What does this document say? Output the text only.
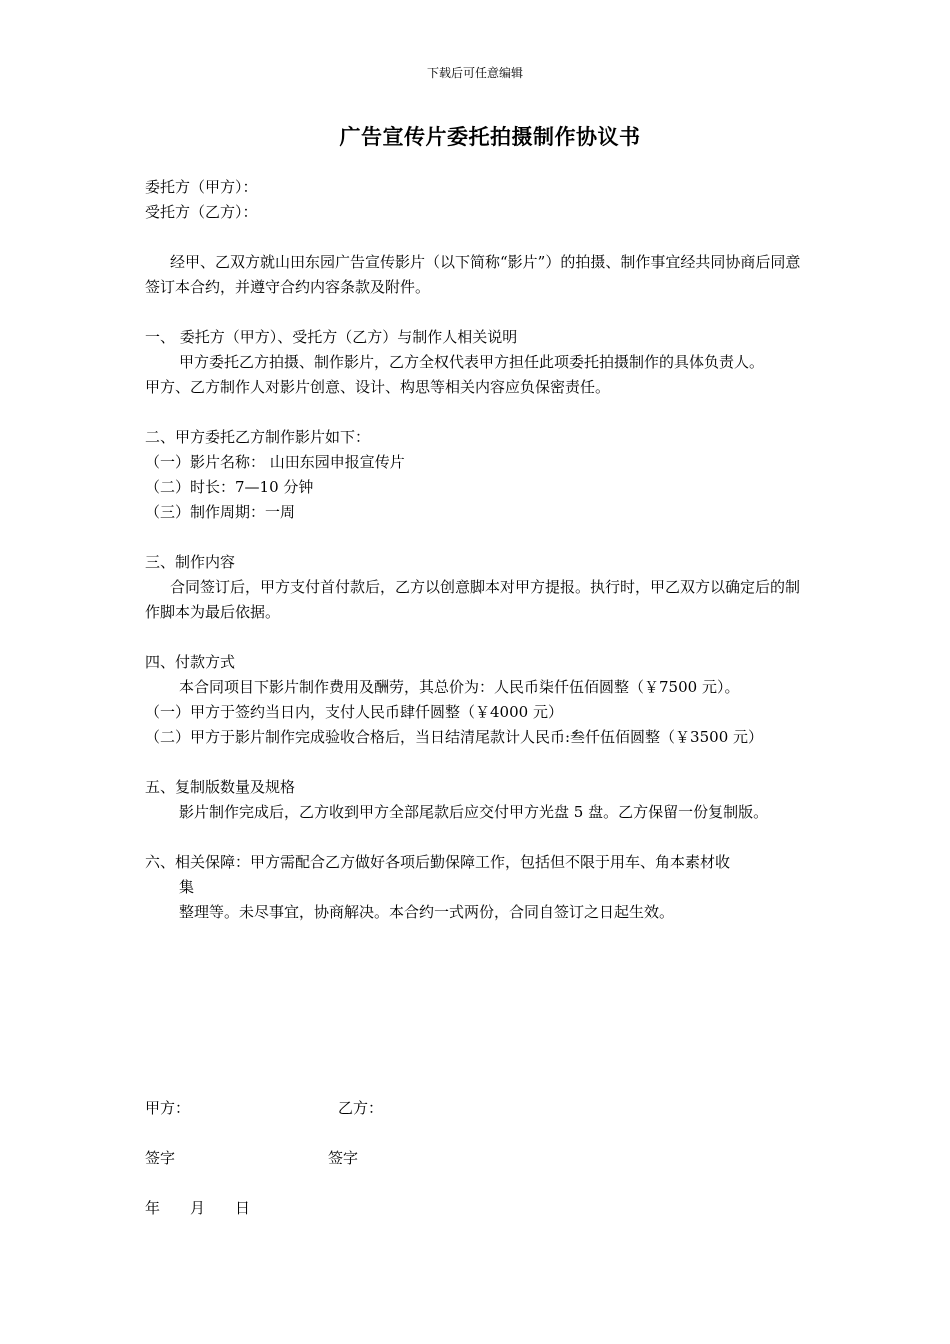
下载后可任意编辑
广告宣传片委托拍摄制作协议书
委托方（甲方）：
受托方（乙方）：
经甲、乙双方就山田东园广告宣传影片（以下简称“影片”）的拍摄、制作事宜经共同协商后同意签订本合约，并遵守合约内容条款及附件。
一、 委托方（甲方）、受托方（乙方）与制作人相关说明
甲方委托乙方拍摄、制作影片，乙方全权代表甲方担任此项委托拍摄制作的具体负责人。
甲方、乙方制作人对影片创意、设计、构思等相关内容应负保密责任。
二、甲方委托乙方制作影片如下：
（一）影片名称： 山田东园申报宣传片
（二）时长：7—10 分钟
（三）制作周期：一周
三、制作内容
合同签订后，甲方支付首付款后，乙方以创意脚本对甲方提报。执行时，甲乙双方以确定后的制作脚本为最后依据。
四、付款方式
本合同项目下影片制作费用及酬劳，其总价为：人民币柒仟伍佰圆整（￥7500 元）。
（一）甲方于签约当日内，支付人民币肆仟圆整（￥4000 元）
（二）甲方于影片制作完成验收合格后，当日结清尾款计人民币:叁仟伍佰圆整（￥3500 元）
五、复制版数量及规格
影片制作完成后，乙方收到甲方全部尾款后应交付甲方光盘 5 盘。乙方保留一份复制版。
六、相关保障：甲方需配合乙方做好各项后勤保障工作，包括但不限于用车、角本素材收
集
整理等。未尽事宜，协商解决。本合约一式两份，合同自签订之日起生效。
甲方：	乙方：
签字	签字
年　　月　　日
